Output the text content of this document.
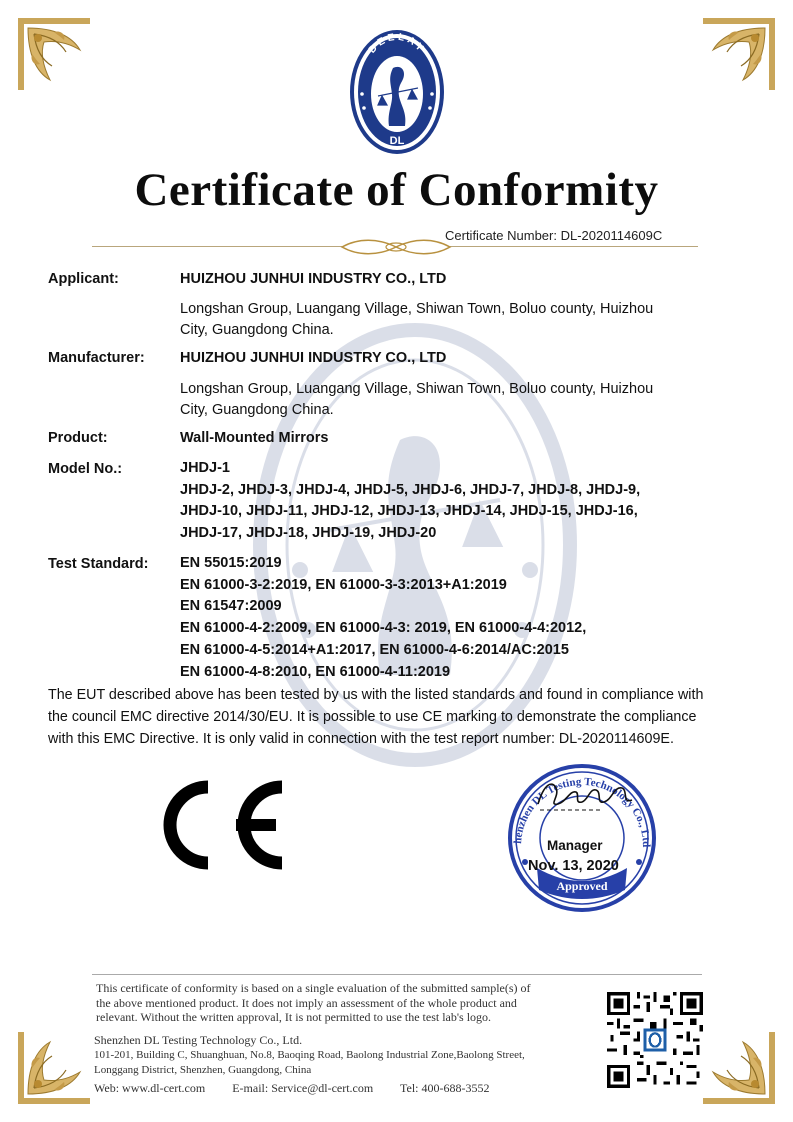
DEELAY
DL
Certificate of Conformity
Certificate Number: DL-2020114609C
Applicant:	HUIZHOU JUNHUI INDUSTRY CO., LTD
Longshan Group, Luangang Village, Shiwan Town, Boluo county, Huizhou
City, Guangdong China.
Manufacturer: HUIZHOU JUNHUI INDUSTRY CO., LTD
Longshan Group, Luangang Village, Shiwan Town, Boluo county, Huizhou
City, Guangdong China.
Product:	Wall-Mounted Mirrors
Model No.:	JHDJ-1
JHDJ-2, JHDJ-3, JHDJ-4, JHDJ-5, JHDJ-6, JHDJ-7, JHDJ-8, JHDJ-9,
JHDJ-10, JHDJ-11, JHDJ-12, JHDJ-13, JHDJ-14, JHDJ-15, JHDJ-16,
JHDJ-17, JHDJ-18, JHDJ-19, JHDJ-20
Test Standard: EN 55015:2019
EN 61000-3-2:2019, EN 61000-3-3:2013+A1:2019
EN 61547:2009
EN 61000-4-2:2009, EN 61000-4-3: 2019, EN 61000-4-4:2012,
EN 61000-4-5:2014+A1:2017, EN 61000-4-6:2014/AC:2015
EN 61000-4-8:2010, EN 61000-4-11:2019
The EUT described above has been tested by us with the listed standards and found in compliance with
the council EMC directive 2014/30/EU. It is possible to use CE marking to demonstrate the compliance
with this EMC Directive. It is only valid in connection with the test report number: DL-2020114609E.
henzhen DL Testing Technology Co., Ltd
Approved
Manager
Nov. 13, 2020
This certificate of conformity is based on a single evaluation of the submitted sample(s) of
the above mentioned product. It does not imply an assessment of the whole product and
relevant. Without the written approval, It is not permitted to use the test lab's logo.
Shenzhen DL Testing Technology Co., Ltd.
101-201, Building C, Shuanghuan, No.8, Baoqing Road, Baolong Industrial Zone,Baolong Street,
Longgang District, Shenzhen, Guangdong, China
Web: www.dl-cert.com E-mail: Service@dl-cert.com Tel: 400-688-3552
